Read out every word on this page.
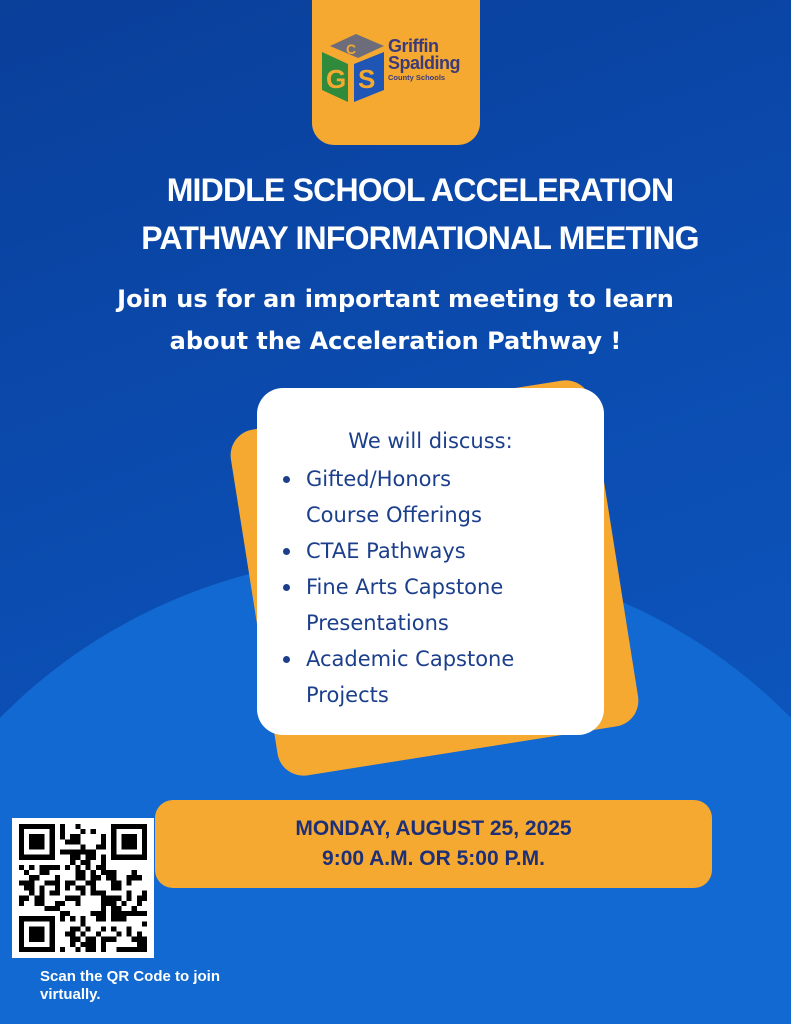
G S
C Griffin
Spalding
County Schools
MIDDLE SCHOOL ACCELERATION
PATHWAY INFORMATIONAL MEETING
Join us for an important meeting to learn
about the Acceleration Pathway !
We will discuss:
Gifted/Honors
Course Offerings
CTAE Pathways
Fine Arts Capstone
Presentations
Academic Capstone
Projects
MONDAY, AUGUST 25, 2025
9:00 A.M. OR 5:00 P.M.
Scan the QR Code to join
virtually.
